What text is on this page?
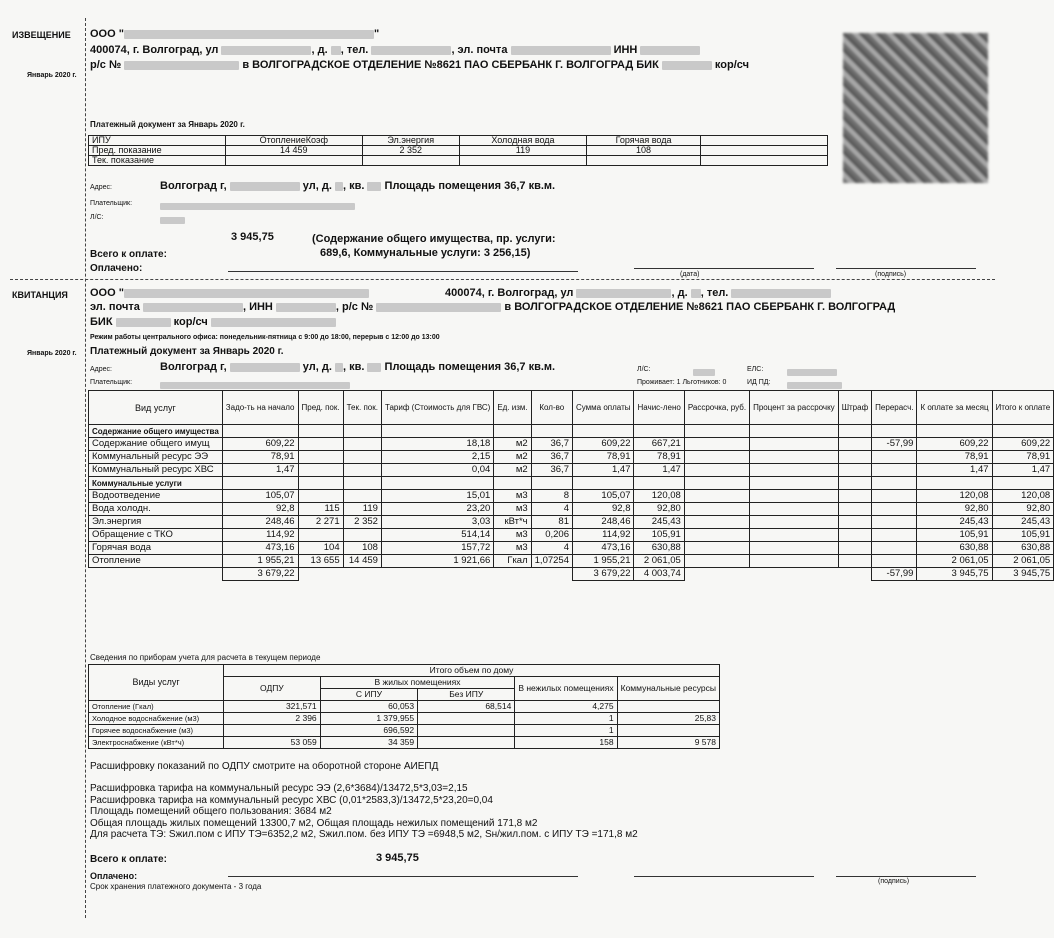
ИЗВЕЩЕНИЕ
Январь 2020 г.
ООО "	"
400074, г. Волгоград, ул	, д. , тел.	, эл. почта	ИНН
р/с №	в ВОЛГОГРАДСКОЕ ОТДЕЛЕНИЕ №8621 ПАО СБЕРБАНК Г. ВОЛГОГРАД БИК	кор/сч
Платежный документ за Январь 2020 г.
ИПУ	ОтоплениеКоэф	Эл.энергия	Холодная вода	Горячая вода	
Пред. показание	14 459	2 352	119	108	
Тек. показание					
Адрес:	Волгоград г,	ул, д. , кв. Площадь помещения 36,7 кв.м.
Плательщик:
Л/С:

3 945,75	(Содержание общего имущества, пр. услуги:
689,6, Коммунальные услуги: 3 256,15)
Всего к оплате:
Оплачено:
(дата)	(подпись)
КВИТАНЦИЯ
Январь 2020 г.
ООО "	400074, г. Волгоград, ул	, д. , тел.
эл. почта	, ИНН	, р/с №	в ВОЛГОГРАДСКОЕ ОТДЕЛЕНИЕ №8621 ПАО СБЕРБАНК Г. ВОЛГОГРАД
БИК	кор/сч
Режим работы центрального офиса: понедельник-пятница с 9:00 до 18:00, перерыв с 12:00 до 13:00
Платежный документ за Январь 2020 г.
Адрес:	Волгоград г,	ул, д. , кв. Площадь помещения 36,7 кв.м.
Плательщик:
Л/С:	ЕЛС:
Проживает: 1 Льготников: 0	ИД ПД:
Вид услуг	Задо-ть на начало	Пред. пок.	Тек. пок.	Тариф (Стоимость для ГВС)	Ед. изм.	Кол-во	Сумма оплаты	Начис-лено	Рассрочка, руб.	Процент за рассрочку	Штраф	Перерасч.	К оплате за месяц	Итого к оплате
Содержание общего имущества														
Содержание общего имущ	609,22			18,18	м2	36,7	609,22	667,21				-57,99	609,22	609,22
Коммунальный ресурс ЭЭ	78,91			2,15	м2	36,7	78,91	78,91					78,91	78,91
Коммунальный ресурс ХВС	1,47			0,04	м2	36,7	1,47	1,47					1,47	1,47
Коммунальные услуги														
Водоотведение	105,07			15,01	м3	8	105,07	120,08					120,08	120,08
Вода холодн.	92,8	115	119	23,20	м3	4	92,8	92,80					92,80	92,80
Эл.энергия	248,46	2 271	2 352	3,03	кВт*ч	81	248,46	245,43					245,43	245,43
Обращение с ТКО	114,92			514,14	м3	0,206	114,92	105,91					105,91	105,91
Горячая вода	473,16	104	108	157,72	м3	4	473,16	630,88					630,88	630,88
Отопление	1 955,21	13 655	14 459	1 921,66	Гкал	1,07254	1 955,21	2 061,05					2 061,05	2 061,05
	3 679,22						3 679,22	4 003,74				-57,99	3 945,75	3 945,75
Сведения по приборам учета для расчета в текущем периоде
Виды услуг	Итого объем по дому				
	ОДПУ	В жилых помещениях		В нежилых помещениях	Коммунальные ресурсы
		С ИПУ	Без ИПУ		
Отопление (Гкал)	321,571	60,053	68,514	4,275	
Холодное водоснабжение (м3)	2 396	1 379,955		1	25,83
Горячее водоснабжение (м3)		696,592		1	
Электроснабжение (кВт*ч)	53 059	34 359		158	9 578
Расшифровку показаний по ОДПУ смотрите на оборотной стороне АИЕПД
Расшифровка тарифа на коммунальный ресурс ЭЭ (2,6*3684)/13472,5*3,03=2,15
Расшифровка тарифа на коммунальный ресурс ХВС (0,01*2583,3)/13472,5*23,20=0,04
Площадь помещений общего пользования: 3684 м2
Общая площадь жилых помещений 13300,7 м2, Общая площадь нежилых помещений 171,8 м2
Для расчета ТЭ: Sжил.пом с ИПУ ТЭ=6352,2 м2, Sжил.пом. без ИПУ ТЭ =6948,5 м2, Sн/жил.пом. с ИПУ ТЭ =171,8 м2
Всего к оплате:	3 945,75
Оплачено:
(подпись)
Срок хранения платежного документа - 3 года
